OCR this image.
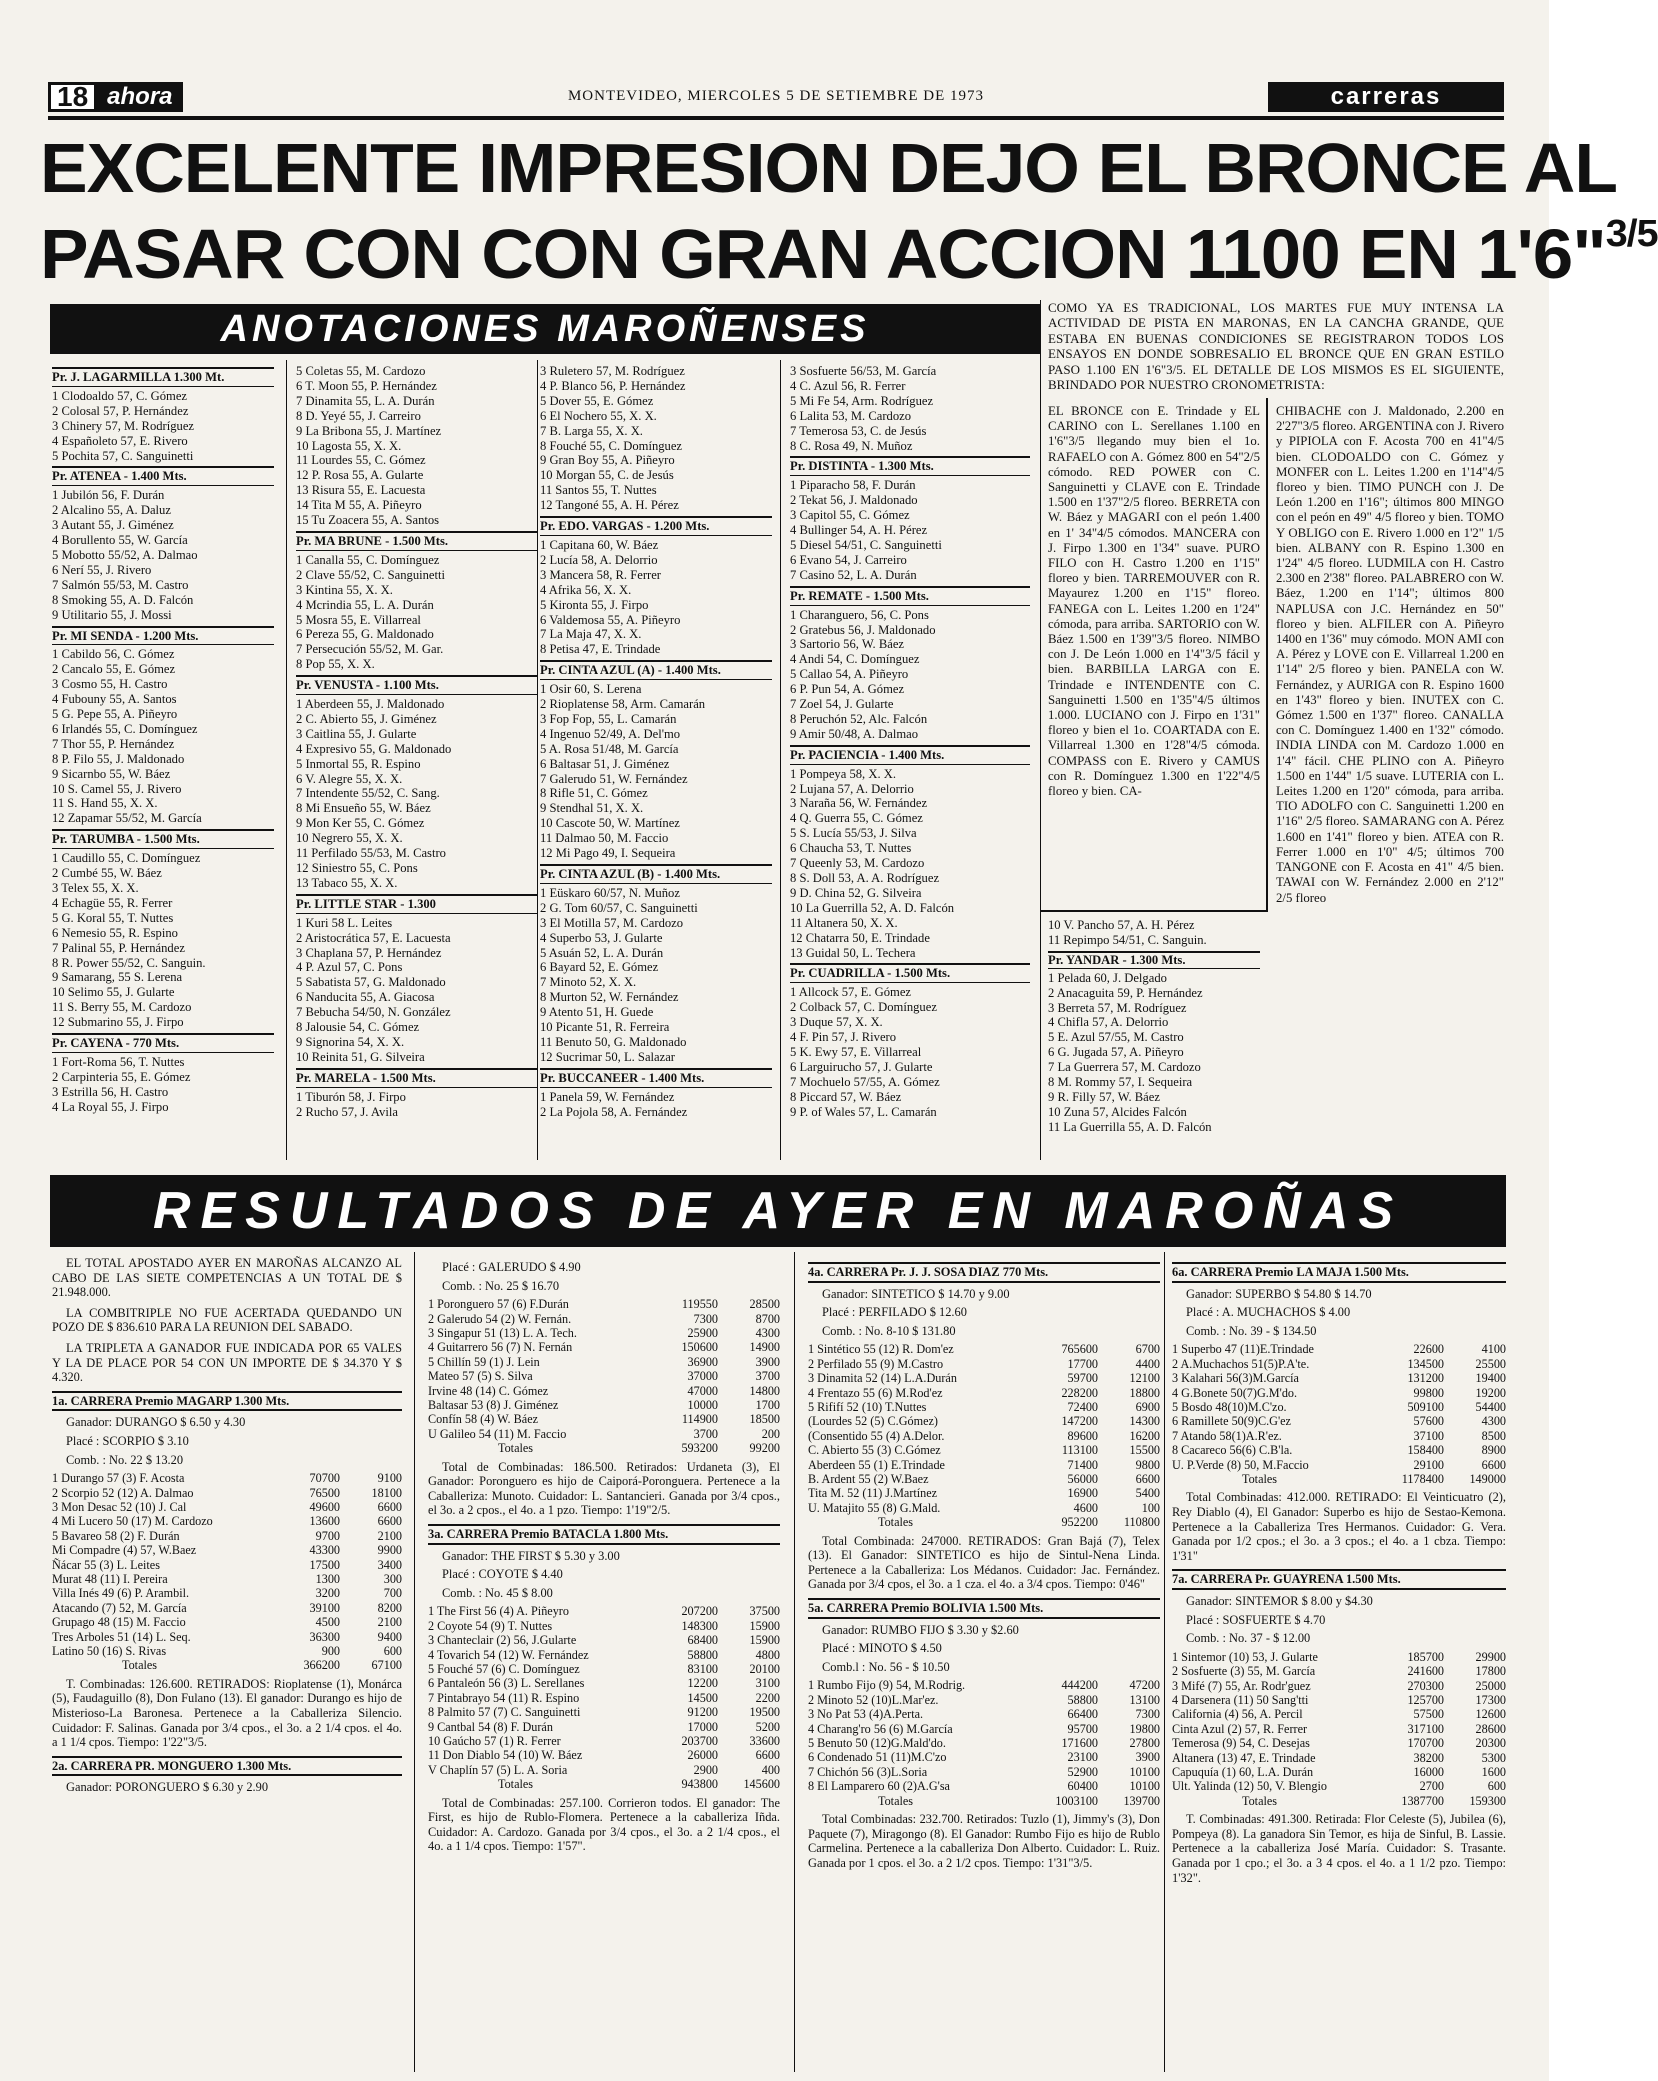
18 ahora	MONTEVIDEO, MIERCOLES 5 DE SETIEMBRE DE 1973	carreras
EXCELENTE IMPRESION DEJO EL BRONCE AL
PASAR CON CON GRAN ACCION 1100 EN 1'6"$^{3/5}$
ANOTACIONES MAROÑENSES
Pr. J. LAGARMILLA 1.300 Mt.
1 Clodoaldo 57, C. Gómez
2 Colosal 57, P. Hernández
3 Chinery 57, M. Rodríguez
4 Españoleto 57, E. Rivero
5 Pochita 57, C. Sanguinetti
Pr. ATENEA - 1.400 Mts.
1 Jubilón 56, F. Durán
2 Alcalino 55, A. Daluz
3 Autant 55, J. Giménez
4 Borullento 55, W. García
5 Mobotto 55/52, A. Dalmao
6 Nerí 55, J. Rivero
7 Salmón 55/53, M. Castro
8 Smoking 55, A. D. Falcón
9 Utilitario 55, J. Mossi
Pr. MI SENDA - 1.200 Mts.
1 Cabildo 56, C. Gómez
2 Cancalo 55, E. Gómez
3 Cosmo 55, H. Castro
4 Fubouny 55, A. Santos
5 G. Pepe 55, A. Piñeyro
6 Irlandés 55, C. Domínguez
7 Thor 55, P. Hernández
8 P. Filo 55, J. Maldonado
9 Sicarnbo 55, W. Báez
10 S. Camel 55, J. Rivero
11 S. Hand 55, X. X.
12 Zapamar 55/52, M. García
Pr. TARUMBA - 1.500 Mts.
1 Caudillo 55, C. Domínguez
2 Cumbé 55, W. Báez
3 Telex 55, X. X.
4 Echagüe 55, R. Ferrer
5 G. Koral 55, T. Nuttes
6 Nemesio 55, R. Espino
7 Palinal 55, P. Hernández
8 R. Power 55/52, C. Sanguin.
9 Samarang, 55 S. Lerena
10 Selimo 55, J. Gularte
11 S. Berry 55, M. Cardozo
12 Submarino 55, J. Firpo
Pr. CAYENA - 770 Mts.
1 Fort-Roma 56, T. Nuttes
2 Carpinteria 55, E. Gómez
3 Estrilla 56, H. Castro
4 La Royal 55, J. Firpo
5 Coletas 55, M. Cardozo
6 T. Moon 55, P. Hernández
7 Dinamita 55, L. A. Durán
8 D. Yeyé 55, J. Carreiro
9 La Bribona 55, J. Martínez
10 Lagosta 55, X. X.
11 Lourdes 55, C. Gómez
12 P. Rosa 55, A. Gularte
13 Risura 55, E. Lacuesta
14 Tita M 55, A. Piñeyro
15 Tu Zoacera 55, A. Santos
Pr. MA BRUNE - 1.500 Mts.
1 Canalla 55, C. Domínguez
2 Clave 55/52, C. Sanguinetti
3 Kintina 55, X. X.
4 Mcrindia 55, L. A. Durán
5 Mosra 55, E. Villarreal
6 Pereza 55, G. Maldonado
7 Persecución 55/52, M. Gar.
8 Pop 55, X. X.
Pr. VENUSTA - 1.100 Mts.
1 Aberdeen 55, J. Maldonado
2 C. Abierto 55, J. Giménez
3 Caitlina 55, J. Gularte
4 Expresivo 55, G. Maldonado
5 Inmortal 55, R. Espino
6 V. Alegre 55, X. X.
7 Intendente 55/52, C. Sang.
8 Mi Ensueño 55, W. Báez
9 Mon Ker 55, C. Gómez
10 Negrero 55, X. X.
11 Perfilado 55/53, M. Castro
12 Siniestro 55, C. Pons
13 Tabaco 55, X. X.
Pr. LITTLE STAR - 1.300
1 Kuri 58 L. Leites
2 Aristocrática 57, E. Lacuesta
3 Chaplana 57, P. Hernández
4 P. Azul 57, C. Pons
5 Sabatista 57, G. Maldonado
6 Nanducita 55, A. Giacosa
7 Bebucha 54/50, N. González
8 Jalousie 54, C. Gómez
9 Signorina 54, X. X.
10 Reinita 51, G. Silveira
Pr. MARELA - 1.500 Mts.
1 Tiburón 58, J. Firpo
2 Rucho 57, J. Avila
3 Ruletero 57, M. Rodríguez
4 P. Blanco 56, P. Hernández
5 Dover 55, E. Gómez
6 El Nochero 55, X. X.
7 B. Larga 55, X. X.
8 Fouché 55, C. Domínguez
9 Gran Boy 55, A. Piñeyro
10 Morgan 55, C. de Jesús
11 Santos 55, T. Nuttes
12 Tangoné 55, A. H. Pérez
Pr. EDO. VARGAS - 1.200 Mts.
1 Capitana 60, W. Báez
2 Lucía 58, A. Delorrio
3 Mancera 58, R. Ferrer
4 Afrika 56, X. X.
5 Kironta 55, J. Firpo
6 Valdemosa 55, A. Piñeyro
7 La Maja 47, X. X.
8 Petisa 47, E. Trindade
Pr. CINTA AZUL (A) - 1.400 Mts.
1 Osir 60, S. Lerena
2 Rioplatense 58, Arm. Camarán
3 Fop Fop, 55, L. Camarán
4 Ingenuo 52/49, A. Del'mo
5 A. Rosa 51/48, M. García
6 Baltasar 51, J. Giménez
7 Galerudo 51, W. Fernández
8 Rifle 51, C. Gómez
9 Stendhal 51, X. X.
10 Cascote 50, W. Martínez
11 Dalmao 50, M. Faccio
12 Mi Pago 49, I. Sequeira
Pr. CINTA AZUL (B) - 1.400 Mts.
1 Eüskaro 60/57, N. Muñoz
2 G. Tom 60/57, C. Sanguinetti
3 El Motilla 57, M. Cardozo
4 Superbo 53, J. Gularte
5 Asuán 52, L. A. Durán
6 Bayard 52, E. Gómez
7 Minoto 52, X. X.
8 Murton 52, W. Fernández
9 Atento 51, H. Guede
10 Picante 51, R. Ferreira
11 Benuto 50, G. Maldonado
12 Sucrimar 50, L. Salazar
Pr. BUCCANEER - 1.400 Mts.
1 Panela 59, W. Fernández
2 La Pojola 58, A. Fernández
3 Sosfuerte 56/53, M. García
4 C. Azul 56, R. Ferrer
5 Mi Fe 54, Arm. Rodríguez
6 Lalita 53, M. Cardozo
7 Temerosa 53, C. de Jesús
8 C. Rosa 49, N. Muñoz
Pr. DISTINTA - 1.300 Mts.
1 Piparacho 58, F. Durán
2 Tekat 56, J. Maldonado
3 Capitol 55, C. Gómez
4 Bullinger 54, A. H. Pérez
5 Diesel 54/51, C. Sanguinetti
6 Evano 54, J. Carreiro
7 Casino 52, L. A. Durán
Pr. REMATE - 1.500 Mts.
1 Charanguero, 56, C. Pons
2 Gratebus 56, J. Maldonado
3 Sartorio 56, W. Báez
4 Andi 54, C. Domínguez
5 Callao 54, A. Piñeyro
6 P. Pun 54, A. Gómez
7 Zoel 54, J. Gularte
8 Peruchón 52, Alc. Falcón
9 Amir 50/48, A. Dalmao
Pr. PACIENCIA - 1.400 Mts.
1 Pompeya 58, X. X.
2 Lujana 57, A. Delorrio
3 Naraña 56, W. Fernández
4 Q. Guerra 55, C. Gómez
5 S. Lucía 55/53, J. Silva
6 Chaucha 53, T. Nuttes
7 Queenly 53, M. Cardozo
8 S. Doll 53, A. A. Rodríguez
9 D. China 52, G. Silveira
10 La Guerrilla 52, A. D. Falcón
11 Altanera 50, X. X.
12 Chatarra 50, E. Trindade
13 Guidal 50, L. Techera
Pr. CUADRILLA - 1.500 Mts.
1 Allcock 57, E. Gómez
2 Colback 57, C. Domínguez
3 Duque 57, X. X.
4 F. Pin 57, J. Rivero
5 K. Ewy 57, E. Villarreal
6 Larguirucho 57, J. Gularte
7 Mochuelo 57/55, A. Gómez
8 Piccard 57, W. Báez
9 P. of Wales 57, L. Camarán
COMO YA ES TRADICIONAL, LOS MARTES FUE MUY INTENSA LA ACTIVIDAD DE PISTA EN MARONAS, EN LA CANCHA GRANDE, QUE ESTABA EN BUENAS CONDICIONES SE REGISTRARON TODOS LOS ENSAYOS EN DONDE SOBRESALIO EL BRONCE QUE EN GRAN ESTILO PASO 1.100 EN 1'6"3/5. EL DETALLE DE LOS MISMOS ES EL SIGUIENTE, BRINDADO POR NUESTRO CRONOMETRISTA:
EL BRONCE con E. Trindade y EL CARINO con L. Serellanes 1.100 en 1'6"3/5 llegando muy bien el 1o. RAFAELO con A. Gómez 800 en 54"2/5 cómodo. RED POWER con C. Sanguinetti y CLAVE con E. Trindade 1.500 en 1'37"2/5 floreo. BERRETA con W. Báez y MAGARI con el peón 1.400 en 1' 34"4/5 cómodos. MANCERA con J. Firpo 1.300 en 1'34" suave. PURO FILO con H. Castro 1.200 en 1'15" floreo y bien. TARREMOUVER con R. Mayaurez 1.200 en 1'15" floreo. FANEGA con L. Leites 1.200 en 1'24" cómoda, para arriba. SARTORIO con W. Báez 1.500 en 1'39"3/5 floreo. NIMBO con J. De León 1.000 en 1'4"3/5 fácil y bien. BARBILLA LARGA con E. Trindade e INTENDENTE con C. Sanguinetti 1.500 en 1'35"4/5 últimos 1.000. LUCIANO con J. Firpo en 1'31" floreo y bien el 1o. COARTADA con E. Villarreal 1.300 en 1'28"4/5 cómoda. COMPASS con E. Rivero y CAMUS con R. Domínguez 1.300 en 1'22"4/5 floreo y bien. CA-
CHIBACHE con J. Maldonado, 2.200 en 2'27"3/5 floreo. ARGENTINA con J. Rivero y PIPIOLA con F. Acosta 700 en 41"4/5 bien. CLODOALDO con C. Gómez y MONFER con L. Leites 1.200 en 1'14"4/5 floreo y bien. TIMO PUNCH con J. De León 1.200 en 1'16"; últimos 800 MINGO con el peón en 49" 4/5 floreo y bien. TOMO Y OBLIGO con E. Rivero 1.000 en 1'2" 1/5 bien. ALBANY con R. Espino 1.300 en 1'24" 4/5 floreo. LUDMILA con H. Castro 2.300 en 2'38" floreo. PALABRERO con W. Báez, 1.200 en 1'14"; últimos 800 NAPLUSA con J.C. Hernández en 50" floreo y bien. ALFILER con A. Piñeyro 1400 en 1'36" muy cómodo. MON AMI con A. Pérez y LOVE con E. Villarreal 1.200 en 1'14" 2/5 floreo y bien. PANELA con W. Fernández, y AURIGA con R. Espino 1600 en 1'43" floreo y bien. INUTEX con C. Gómez 1.500 en 1'37" floreo. CANALLA con C. Domínguez 1.400 en 1'32" cómodo. INDIA LINDA con M. Cardozo 1.000 en 1'4" fácil. CHE PLINO con A. Piñeyro 1.500 en 1'44" 1/5 suave. LUTERIA con L. Leites 1.200 en 1'20" cómoda, para arriba. TIO ADOLFO con C. Sanguinetti 1.200 en 1'16" 2/5 floreo. SAMARANG con A. Pérez 1.600 en 1'41" floreo y bien. ATEA con R. Ferrer 1.000 en 1'0" 4/5; últimos 700 TANGONE con F. Acosta en 41" 4/5 bien. TAWAI con W. Fernández 2.000 en 2'12" 2/5 floreo
10 V. Pancho 57, A. H. Pérez
11 Repimpo 54/51, C. Sanguin.
Pr. YANDAR - 1.300 Mts.
1 Pelada 60, J. Delgado
2 Anacaguita 59, P. Hernández
3 Berreta 57, M. Rodríguez
4 Chifla 57, A. Delorrio
5 E. Azul 57/55, M. Castro
6 G. Jugada 57, A. Piñeyro
7 La Guerrera 57, M. Cardozo
8 M. Rommy 57, I. Sequeira
9 R. Filly 57, W. Báez
10 Zuna 57, Alcides Falcón
11 La Guerrilla 55, A. D. Falcón
RESULTADOS DE AYER EN MAROÑAS

EL TOTAL APOSTADO AYER EN MAROÑAS ALCANZO AL CABO DE LAS SIETE COMPETENCIAS A UN TOTAL DE $ 21.948.000.

LA COMBITRIPLE NO FUE ACERTADA QUEDANDO UN POZO DE $ 836.610 PARA LA REUNION DEL SABADO.

LA TRIPLETA A GANADOR FUE INDICADA POR 65 VALES Y LA DE PLACE POR 54 CON UN IMPORTE DE $ 34.370 Y $ 4.320.

1a. CARRERA Premio MAGARP 1.300 Mts.
Ganador: DURANGO $ 6.50 y 4.30
Placé : SCORPIO $ 3.10
Comb. : No. 22 $ 13.20
1 Durango 57 (3) F. Acosta	70700	9100
2 Scorpio 52 (12) A. Dalmao	76500	18100
3 Mon Desac 52 (10) J. Cal	49600	6600
4 Mi Lucero 50 (17) M. Cardozo	13600	6600
5 Bavareo 58 (2) F. Durán	9700	2100
Mi Compadre (4) 57, W.Baez	43300	9900
Ñácar 55 (3) L. Leites	17500	3400
Murat 48 (11) I. Pereira	1300	300
Villa Inés 49 (6) P. Arambil.	3200	700
Atacando (7) 52, M. García	39100	8200
Grupago 48 (15) M. Faccio	4500	2100
Tres Arboles 51 (14) L. Seq.	36300	9400
Latino 50 (16) S. Rivas	900	600
Totales	366200	67100
T. Combinadas: 126.600. RETIRADOS: Rioplatense (1), Monárca (5), Faudaguillo (8), Don Fulano (13). El ganador: Durango es hijo de Misterioso-La Baronesa. Pertenece a la Caballeriza Silencio. Cuidador: F. Salinas. Ganada por 3/4 cpos., el 3o. a 2 1/4 cpos. el 4o. a 1 1/4 cpos. Tiempo: 1'22"3/5.
2a. CARRERA PR. MONGUERO 1.300 Mts.
Ganador: PORONGUERO $ 6.30 y 2.90
Placé : GALERUDO $ 4.90
Comb. : No. 25 $ 16.70
1 Poronguero 57 (6) F.Durán	119550	28500
2 Galerudo 54 (2) W. Fernán.	7300	8700
3 Singapur 51 (13) L. A. Tech.	25900	4300
4 Guitarrero 56 (7) N. Fernán	150600	14900
5 Chillín 59 (1) J. Lein	36900	3900
Mateo 57 (5) S. Silva	37000	3700
Irvine 48 (14) C. Gómez	47000	14800
Baltasar 53 (8) J. Giménez	10000	1700
Confín 58 (4) W. Báez	114900	18500
U Galileo 54 (11) M. Faccio	3700	200
Totales	593200	99200
Total de Combinadas: 186.500. Retirados: Urdaneta (3), El Ganador: Poronguero es hijo de Caiporá-Poronguera. Pertenece a la Caballeriza: Munoto. Cuidador: L. Santancieri. Ganada por 3/4 cpos., el 3o. a 2 cpos., el 4o. a 1 pzo. Tiempo: 1'19"2/5.
3a. CARRERA Premio BATACLA 1.800 Mts.
Ganador: THE FIRST $ 5.30 y 3.00
Placé : COYOTE $ 4.40
Comb. : No. 45 $ 8.00
1 The First 56 (4) A. Piñeyro	207200	37500
2 Coyote 54 (9) T. Nuttes	148300	15900
3 Chanteclair (2) 56, J.Gularte	68400	15900
4 Tovarich 54 (12) W. Fernández	58800	4800
5 Fouché 57 (6) C. Domínguez	83100	20100
6 Pantaleón 56 (3) L. Serellanes	12200	3100
7 Pintabrayo 54 (11) R. Espino	14500	2200
8 Palmito 57 (7) C. Sanguinetti	91200	19500
9 Cantbal 54 (8) F. Durán	17000	5200
10 Gaúcho 57 (1) R. Ferrer	203700	33600
11 Don Diablo 54 (10) W. Báez	26000	6600
V Chaplín 57 (5) L. A. Soria	2900	400
Totales	943800	145600
Total de Combinadas: 257.100. Corrieron todos. El ganador: The First, es hijo de Rublo-Flomera. Pertenece a la caballeriza Iñda. Cuidador: A. Cardozo. Ganada por 3/4 cpos., el 3o. a 2 1/4 cpos., el 4o. a 1 1/4 cpos. Tiempo: 1'57".
4a. CARRERA Pr. J. J. SOSA DIAZ 770 Mts.
Ganador: SINTETICO $ 14.70 y 9.00
Placé : PERFILADO $ 12.60
Comb. : No. 8-10 $ 131.80
1 Sintético 55 (12) R. Dom'ez	765600	6700
2 Perfilado 55 (9) M.Castro	17700	4400
3 Dinamita 52 (14) L.A.Durán	59700	12100
4 Frentazo 55 (6) M.Rod'ez	228200	18800
5 Rififí 52 (10) T.Nuttes	72400	6900
(Lourdes 52 (5) C.Gómez)	147200	14300
(Consentido 55 (4) A.Delor.	89600	16200
C. Abierto 55 (3) C.Gómez	113100	15500
Aberdeen 55 (1) E.Trindade	71400	9800
B. Ardent 55 (2) W.Baez	56000	6600
Tita M. 52 (11) J.Martínez	16900	5400
U. Matajito 55 (8) G.Mald.	4600	100
Totales	952200	110800
Total Combinada: 247000. RETIRADOS: Gran Bajá (7), Telex (13). El Ganador: SINTETICO es hijo de Sintul-Nena Linda. Pertenece a la Caballeriza: Los Médanos. Cuidador: Jac. Fernández. Ganada por 3/4 cpos, el 3o. a 1 cza. el 4o. a 3/4 cpos. Tiempo: 0'46"
5a. CARRERA Premio BOLIVIA 1.500 Mts.
Ganador: RUMBO FIJO $ 3.30 y $2.60
Placé : MINOTO $ 4.50
Comb.l : No. 56 - $ 10.50
1 Rumbo Fijo (9) 54, M.Rodrig.	444200	47200
2 Minoto 52 (10)L.Mar'ez.	58800	13100
3 No Pat 53 (4)A.Perta.	66400	7300
4 Charang'ro 56 (6) M.García	95700	19800
5 Benuto 50 (12)G.Mald'do.	171600	27800
6 Condenado 51 (11)M.C'zo	23100	3900
7 Chichón 56 (3)L.Soria	52900	10100
8 El Lamparero 60 (2)A.G'sa	60400	10100
Totales	1003100	139700
Total Combinadas: 232.700. Retirados: Tuzlo (1), Jimmy's (3), Don Paquete (7), Miragongo (8). El Ganador: Rumbo Fijo es hijo de Rublo Carmelina. Pertenece a la caballeriza Don Alberto. Cuidador: L. Ruiz. Ganada por 1 cpos. el 3o. a 2 1/2 cpos. Tiempo: 1'31"3/5.
6a. CARRERA Premio LA MAJA 1.500 Mts.
Ganador: SUPERBO $ 54.80 $ 14.70
Placé : A. MUCHACHOS $ 4.00
Comb. : No. 39 - $ 134.50
1 Superbo 47 (11)E.Trindade	22600	4100
2 A.Muchachos 51(5)P.A'te.	134500	25500
3 Kalahari 56(3)M.García	131200	19400
4 G.Bonete 50(7)G.M'do.	99800	19200
5 Bosdo 48(10)M.C'zo.	509100	54400
6 Ramillete 50(9)C.G'ez	57600	4300
7 Atando 58(1)A.R'ez.	37100	8500
8 Cacareco 56(6) C.B'la.	158400	8900
U. P.Verde (8) 50, M.Faccio	29100	6600
Totales	1178400	149000
Total Combinadas: 412.000. RETIRADO: El Veinticuatro (2), Rey Diablo (4), El Ganador: Superbo es hijo de Sestao-Kemona. Pertenece a la Caballeriza Tres Hermanos. Cuidador: G. Vera. Ganada por 1/2 cpos.; el 3o. a 3 cpos.; el 4o. a 1 cbza. Tiempo: 1'31"
7a. CARRERA Pr. GUAYRENA 1.500 Mts.
Ganador: SINTEMOR $ 8.00 y $4.30
Placé : SOSFUERTE $ 4.70
Comb. : No. 37 - $ 12.00
1 Sintemor (10) 53, J. Gularte	185700	29900
2 Sosfuerte (3) 55, M. García	241600	17800
3 Mifé (7) 55, Ar. Rodr'guez	270300	25000
4 Darsenera (11) 50 Sang'tti	125700	17300
California (4) 56, A. Percil	57500	12600
Cinta Azul (2) 57, R. Ferrer	317100	28600
Temerosa (9) 54, C. Desejas	170700	20300
Altanera (13) 47, E. Trindade	38200	5300
Capuquía (1) 60, L.A. Durán	16000	1600
Ult. Yalinda (12) 50, V. Blengio	2700	600
Totales	1387700	159300
T. Combinadas: 491.300. Retirada: Flor Celeste (5), Jubilea (6), Pompeya (8). La ganadora Sin Temor, es hija de Sinful, B. Lassie. Pertenece a la caballeriza José María. Cuidador: S. Trasante. Ganada por 1 cpo.; el 3o. a 3 4 cpos. el 4o. a 1 1/2 pzo. Tiempo: 1'32".
